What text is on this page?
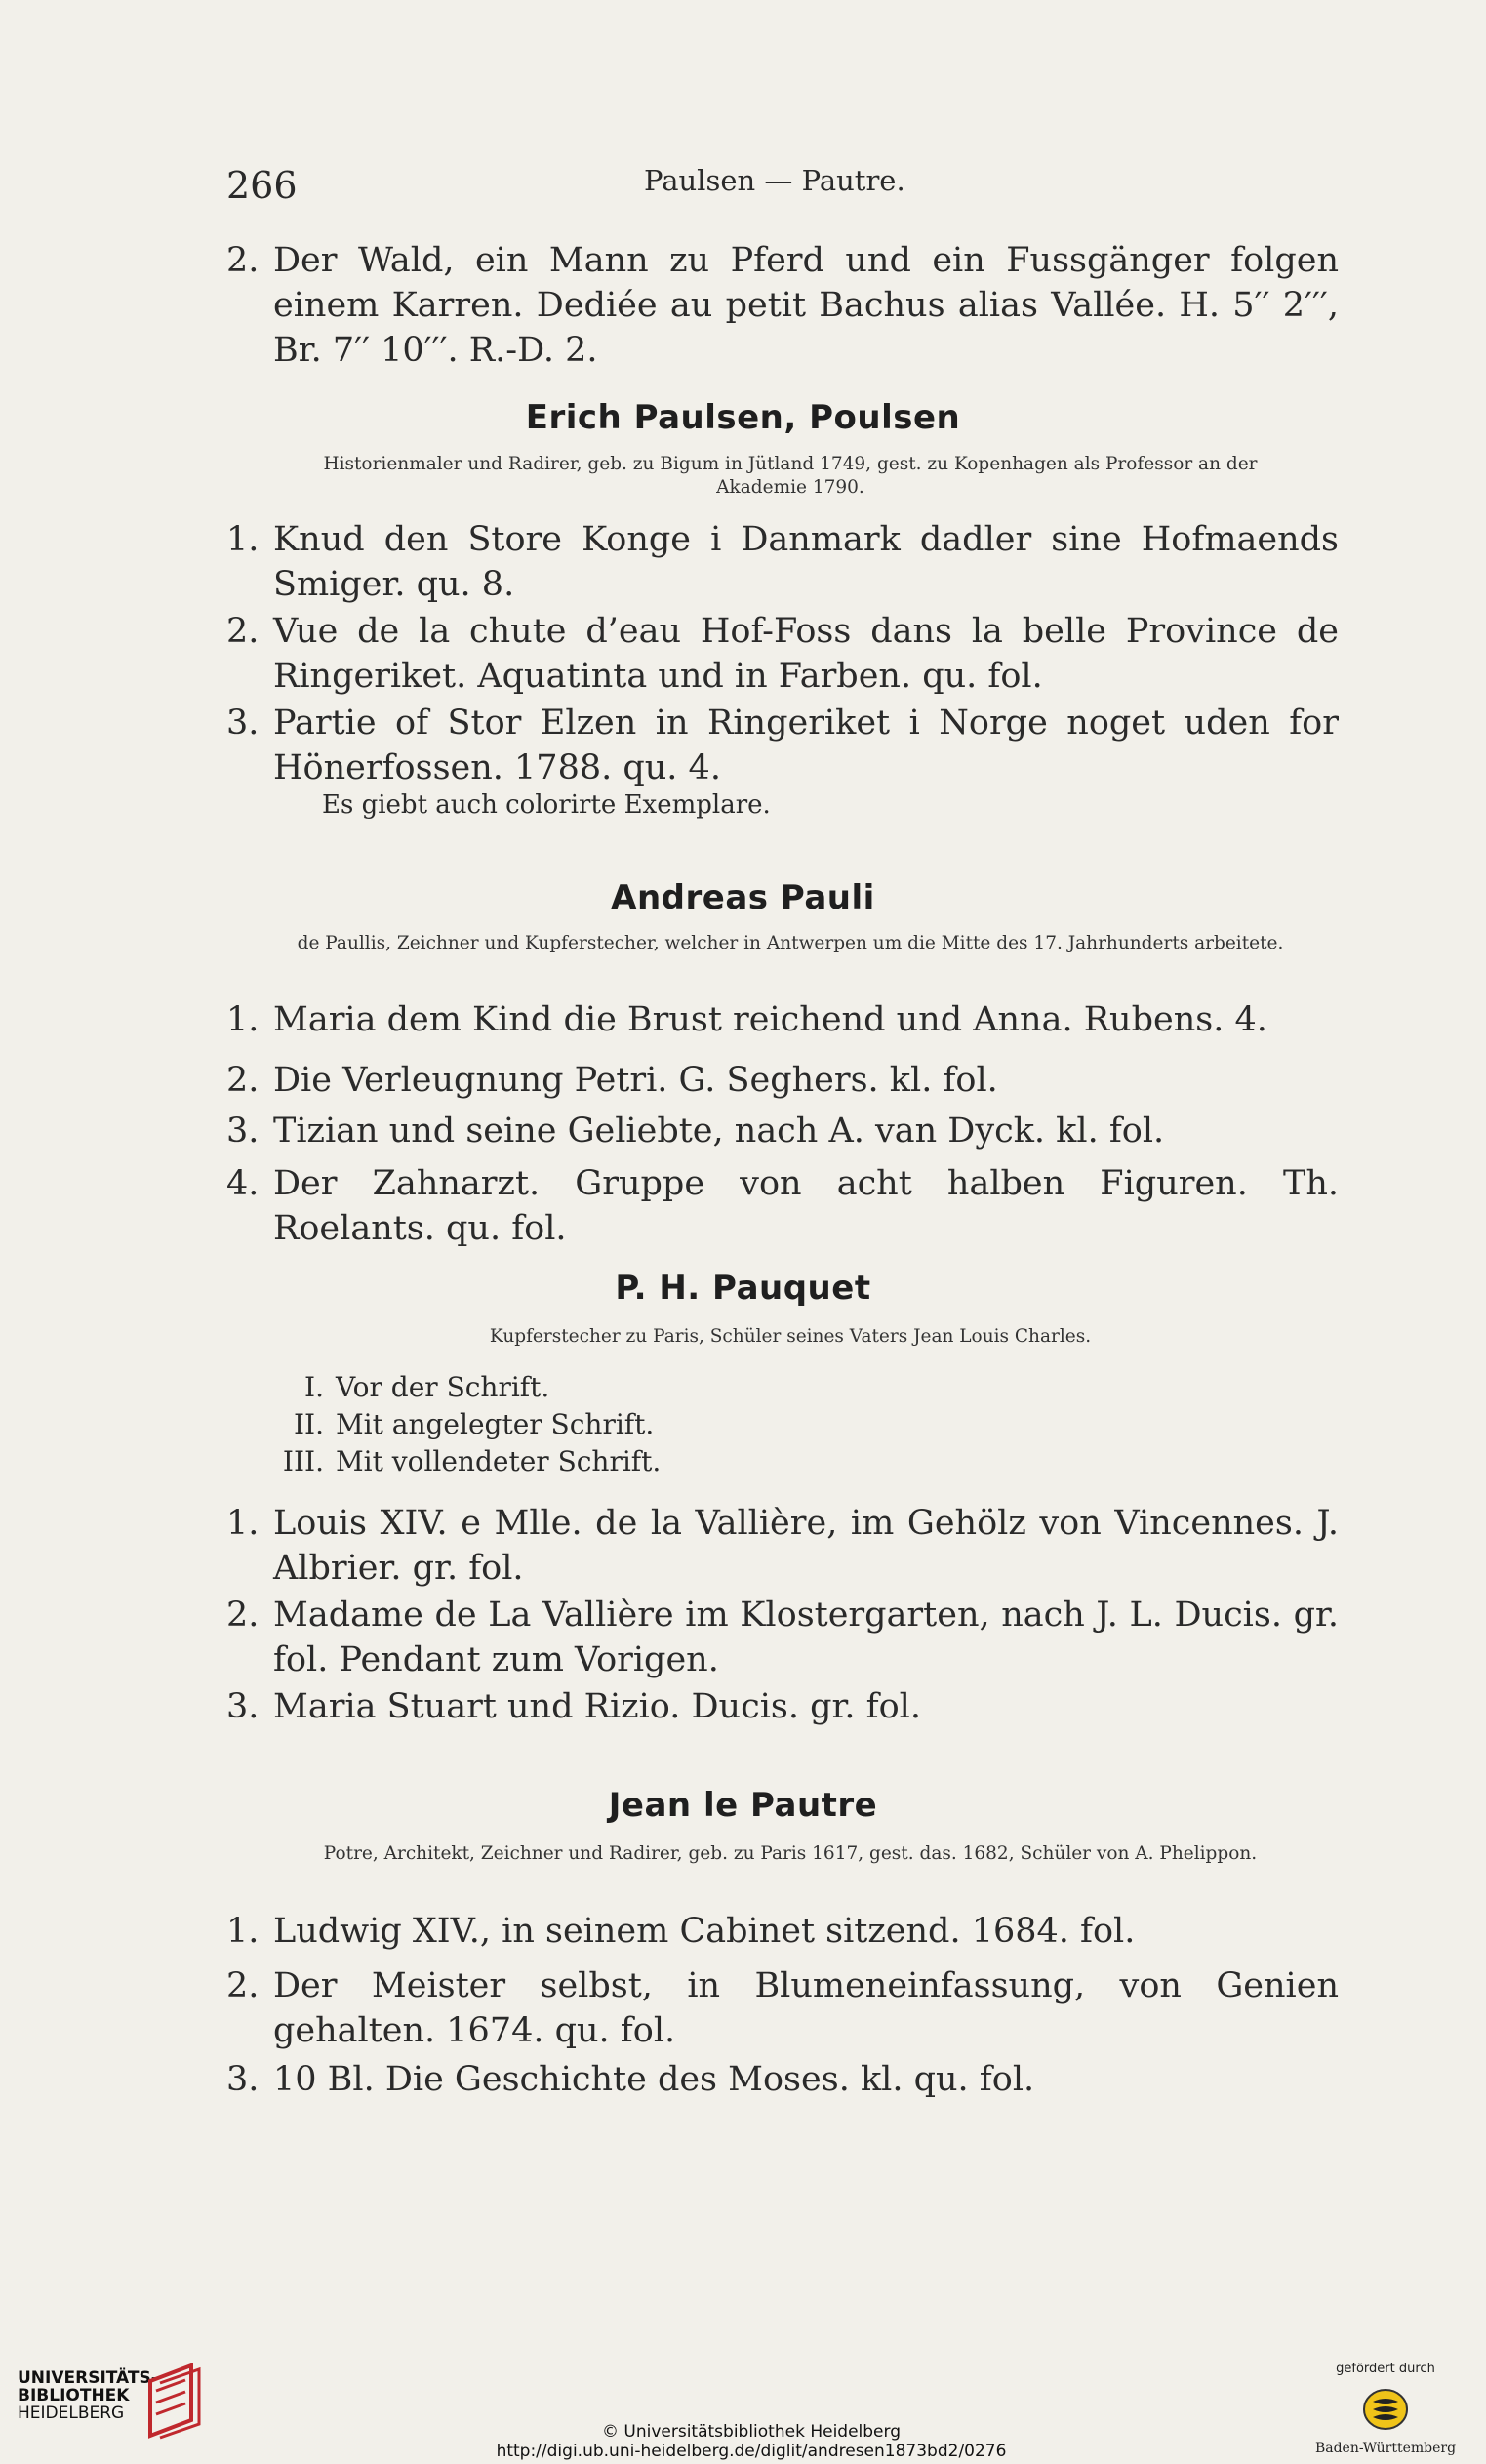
266	Paulsen — Pautre.
2. Der Wald, ein Mann zu Pferd und ein Fussgänger folgen einem Karren. Dediée au petit Bachus alias Vallée. H. 5′′ 2′′′, Br. 7′′ 10′′′. R.-D. 2.
Erich Paulsen, Poulsen
Historienmaler und Radirer, geb. zu Bigum in Jütland 1749, gest. zu Kopenhagen als Professor an der Akademie 1790.
1. Knud den Store Konge i Danmark dadler sine Hofmaends Smiger. qu. 8.
2. Vue de la chute d’eau Hof-Foss dans la belle Province de Ringeriket. Aquatinta und in Farben. qu. fol.
3. Partie of Stor Elzen in Ringeriket i Norge noget uden for Hönerfossen. 1788. qu. 4.
Es giebt auch colorirte Exemplare.
Andreas Pauli
de Paullis, Zeichner und Kupferstecher, welcher in Antwerpen um die Mitte des 17. Jahrhunderts arbeitete.
1. Maria dem Kind die Brust reichend und Anna. Rubens. 4.
2. Die Verleugnung Petri. G. Seghers. kl. fol.
3. Tizian und seine Geliebte, nach A. van Dyck. kl. fol.
4. Der Zahnarzt. Gruppe von acht halben Figuren. Th. Roelants. qu. fol.
P. H. Pauquet
Kupferstecher zu Paris, Schüler seines Vaters Jean Louis Charles.
I. Vor der Schrift.
II. Mit angelegter Schrift.
III. Mit vollendeter Schrift.
1. Louis XIV. e Mlle. de la Vallière, im Gehölz von Vincennes. J. Albrier. gr. fol.
2. Madame de La Vallière im Klostergarten, nach J. L. Ducis. gr. fol. Pendant zum Vorigen.
3. Maria Stuart und Rizio. Ducis. gr. fol.
Jean le Pautre
Potre, Architekt, Zeichner und Radirer, geb. zu Paris 1617, gest. das. 1682, Schüler von A. Phelippon.
1. Ludwig XIV., in seinem Cabinet sitzend. 1684. fol.
2. Der Meister selbst, in Blumeneinfassung, von Genien gehalten. 1674. qu. fol.
3. 10 Bl. Die Geschichte des Moses. kl. qu. fol.
UNIVERSITÄTS-
BIBLIOTHEK
HEIDELBERG
© Universitätsbibliothek Heidelberg
http://digi.ub.uni-heidelberg.de/diglit/andresen1873bd2/0276
gefördert durch
Baden-Württemberg
